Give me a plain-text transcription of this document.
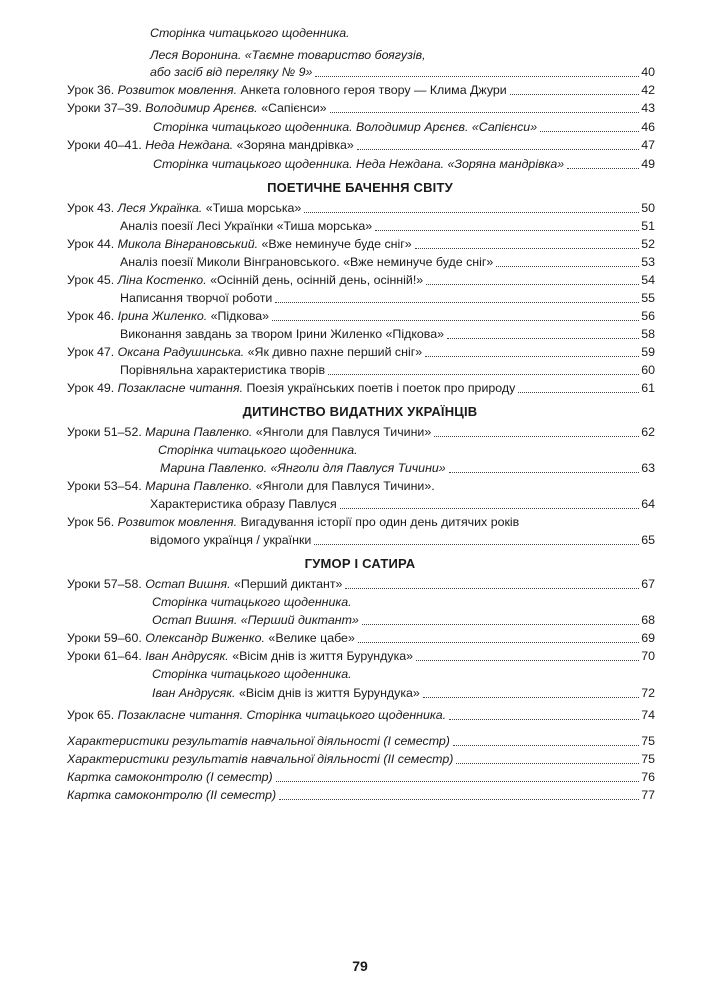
ПОЕТИЧНЕ БАЧЕННЯ СВІТУ
ДИТИНСТВО ВИДАТНИХ УКРАЇНЦІВ
ГУМОР І САТИРА
Сторінка читацького щоденника.
Леся Воронина. «Таємне товариство боягузів,
або засіб від переляку № 9»	40
Урок 36. Розвиток мовлення. Анкета головного героя твору — Клима Джури	42
Уроки 37–39. Володимир Арєнєв. «Сапієнси»	43
Сторінка читацького щоденника. Володимир Арєнєв. «Сапієнси»	46
Уроки 40–41. Неда Неждана. «Зоряна мандрівка»	47
Сторінка читацького щоденника. Неда Неждана. «Зоряна мандрівка»	49
Урок 43. Леся Українка. «Тиша морська»	50
Аналіз поезії Лесі Українки «Тиша морська»	51
Урок 44. Микола Вінграновський. «Вже неминуче буде сніг»	52
Аналіз поезії Миколи Вінграновського. «Вже неминуче буде сніг»	53
Урок 45. Ліна Костенко. «Осінній день, осінній день, осінній!»	54
Написання творчої роботи	55
Урок 46. Ірина Жиленко. «Підкова»	56
Виконання завдань за твором Ірини Жиленко «Підкова»	58
Урок 47. Оксана Радушинська. «Як дивно пахне перший сніг»	59
Порівняльна характеристика творів	60
Урок 49. Позакласне читання. Поезія українських поетів і поеток про природу	61
Уроки 51–52. Марина Павленко. «Янголи для Павлуся Тичини»	62
Сторінка читацького щоденника.
Марина Павленко. «Янголи для Павлуся Тичини»	63
Уроки 53–54. Марина Павленко. «Янголи для Павлуся Тичини».
Характеристика образу Павлуся	64
Урок 56. Розвиток мовлення. Вигадування історії про один день дитячих років
відомого українця / українки	65
Уроки 57–58. Остап Вишня. «Перший диктант»	67
Сторінка читацького щоденника.
Остап Вишня. «Перший диктант»	68
Уроки 59–60. Олександр Виженко. «Велике цабе»	69
Уроки 61–64. Іван Андрусяк. «Вісім днів із життя Бурундука»	70
Сторінка читацького щоденника.
Іван Андрусяк. «Вісім днів із життя Бурундука»	72
Урок 65. Позакласне читання. Сторінка читацького щоденника.	74
Характеристики результатів навчальної діяльності (І семестр)	75
Характеристики результатів навчальної діяльності (ІІ семестр)	75
Картка самоконтролю (І семестр)	76
Картка самоконтролю (ІІ семестр)	77
79
